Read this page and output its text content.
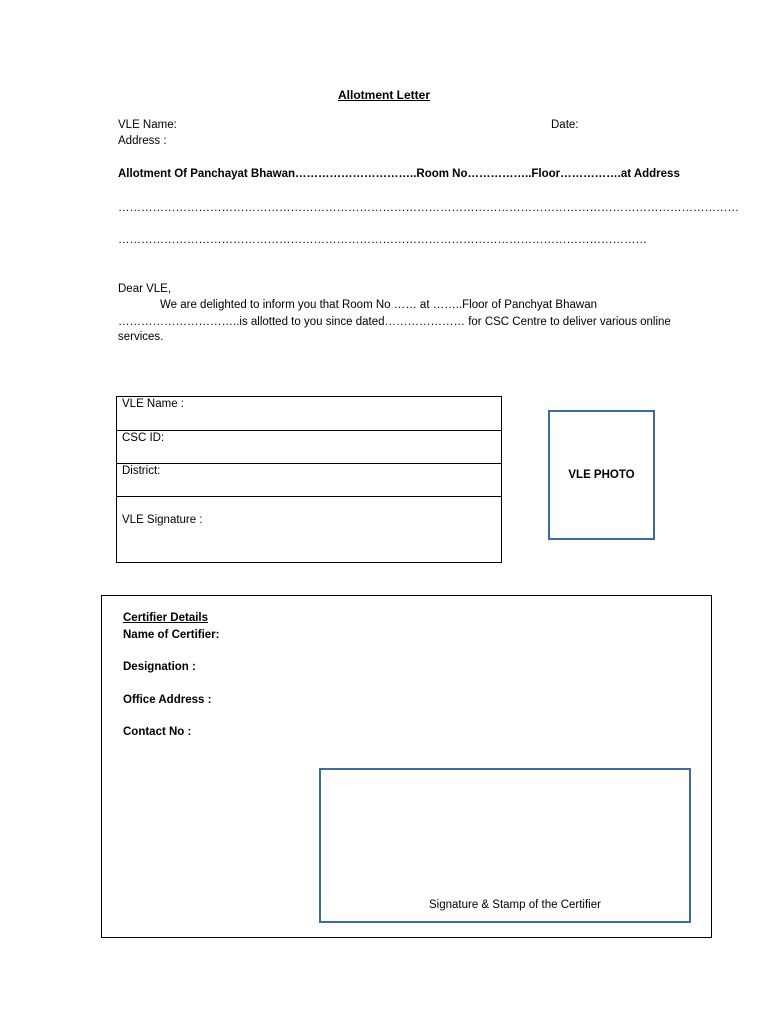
Allotment Letter
VLE Name:	Date:
Address :
Allotment Of Panchayat Bhawan…………………………..Room No……………..Floor…………….at Address
………………………………………………………………………………………………………………………………………………
…………………………………………………………………………………………………………………………
Dear VLE,
We are delighted to inform you that Room No …… at ……..Floor of Panchyat Bhawan
…………………………..is allotted to you since dated………………… for CSC Centre to deliver various online
services.
VLE Name :
CSC ID:
District:
VLE Signature :
VLE PHOTO
Certifier Details
Name of Certifier:
Designation :
Office Address :
Contact No :
Signature & Stamp of the Certifier
